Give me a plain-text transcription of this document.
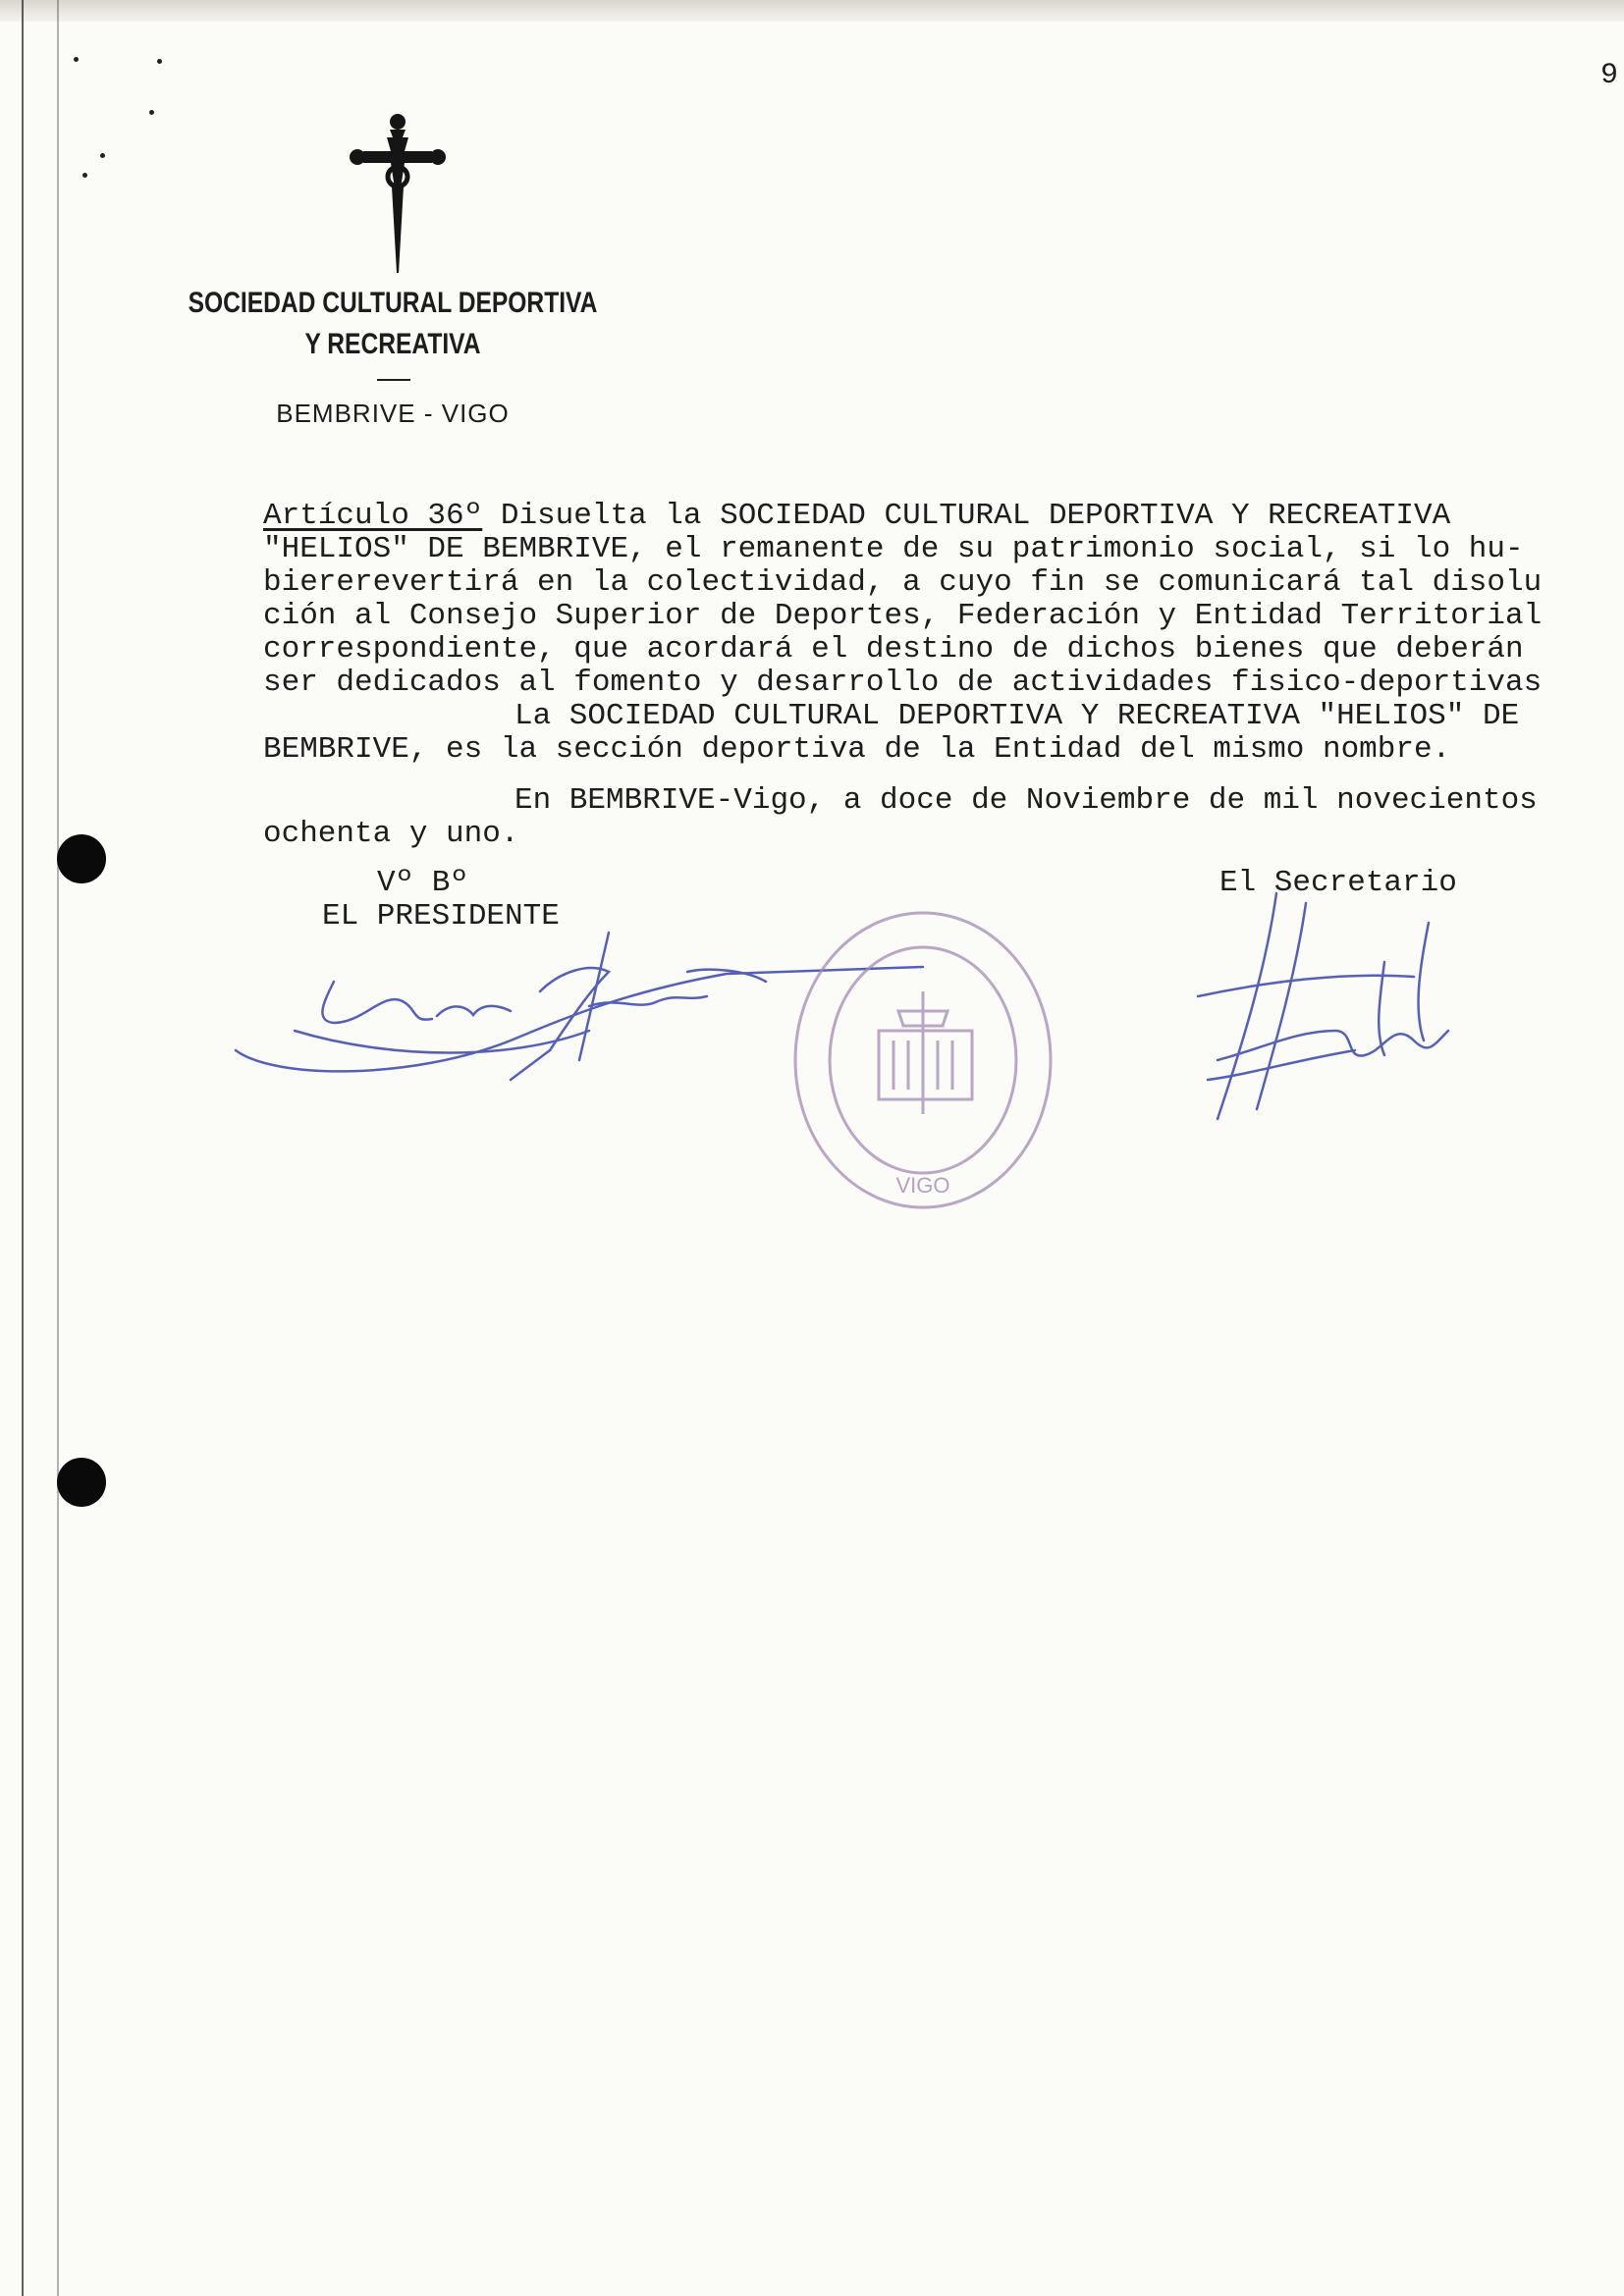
9
SOCIEDAD CULTURAL DEPORTIVA
Y RECREATIVA
BEMBRIVE - VIGO
Artículo 36º Disuelta la SOCIEDAD CULTURAL DEPORTIVA Y RECREATIVA
"HELIOS" DE BEMBRIVE, el remanente de su patrimonio social, si lo hu-
biererevertirá en la colectividad, a cuyo fin se comunicará tal disolu
ción al Consejo Superior de Deportes, Federación y Entidad Territorial
correspondiente, que acordará el destino de dichos bienes que deberán
ser dedicados al fomento y desarrollo de actividades fisico-deportivas
La SOCIEDAD CULTURAL DEPORTIVA Y RECREATIVA "HELIOS" DE
BEMBRIVE, es la sección deportiva de la Entidad del mismo nombre.
En BEMBRIVE-Vigo, a doce de Noviembre de mil novecientos
ochenta y uno.
Vº Bº
EL PRESIDENTE
El Secretario
VIGO
